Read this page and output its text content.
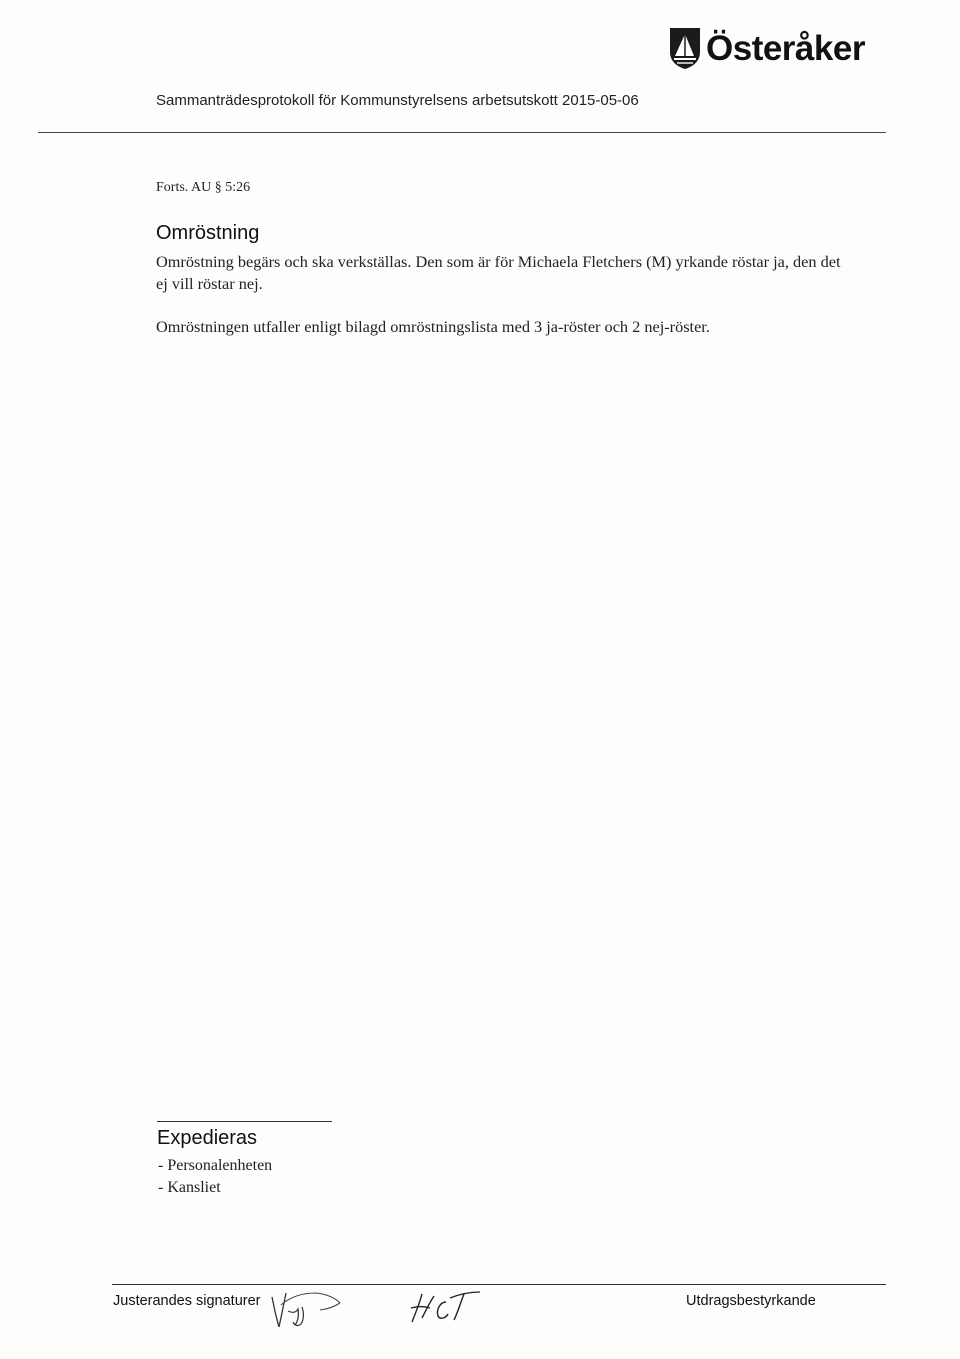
Österåker
Sammanträdesprotokoll för Kommunstyrelsens arbetsutskott 2015-05-06
Forts. AU § 5:26
Omröstning

Omröstning begärs och ska verkställas. Den som är för Michaela Fletchers (M) yrkande röstar ja, den det ej vill röstar nej.

Omröstningen utfaller enligt bilagd omröstningslista med 3 ja-röster och 2 nej-röster.

Expedieras
- Personalenheten
- Kansliet
Justerandes signaturer	Utdragsbestyrkande
